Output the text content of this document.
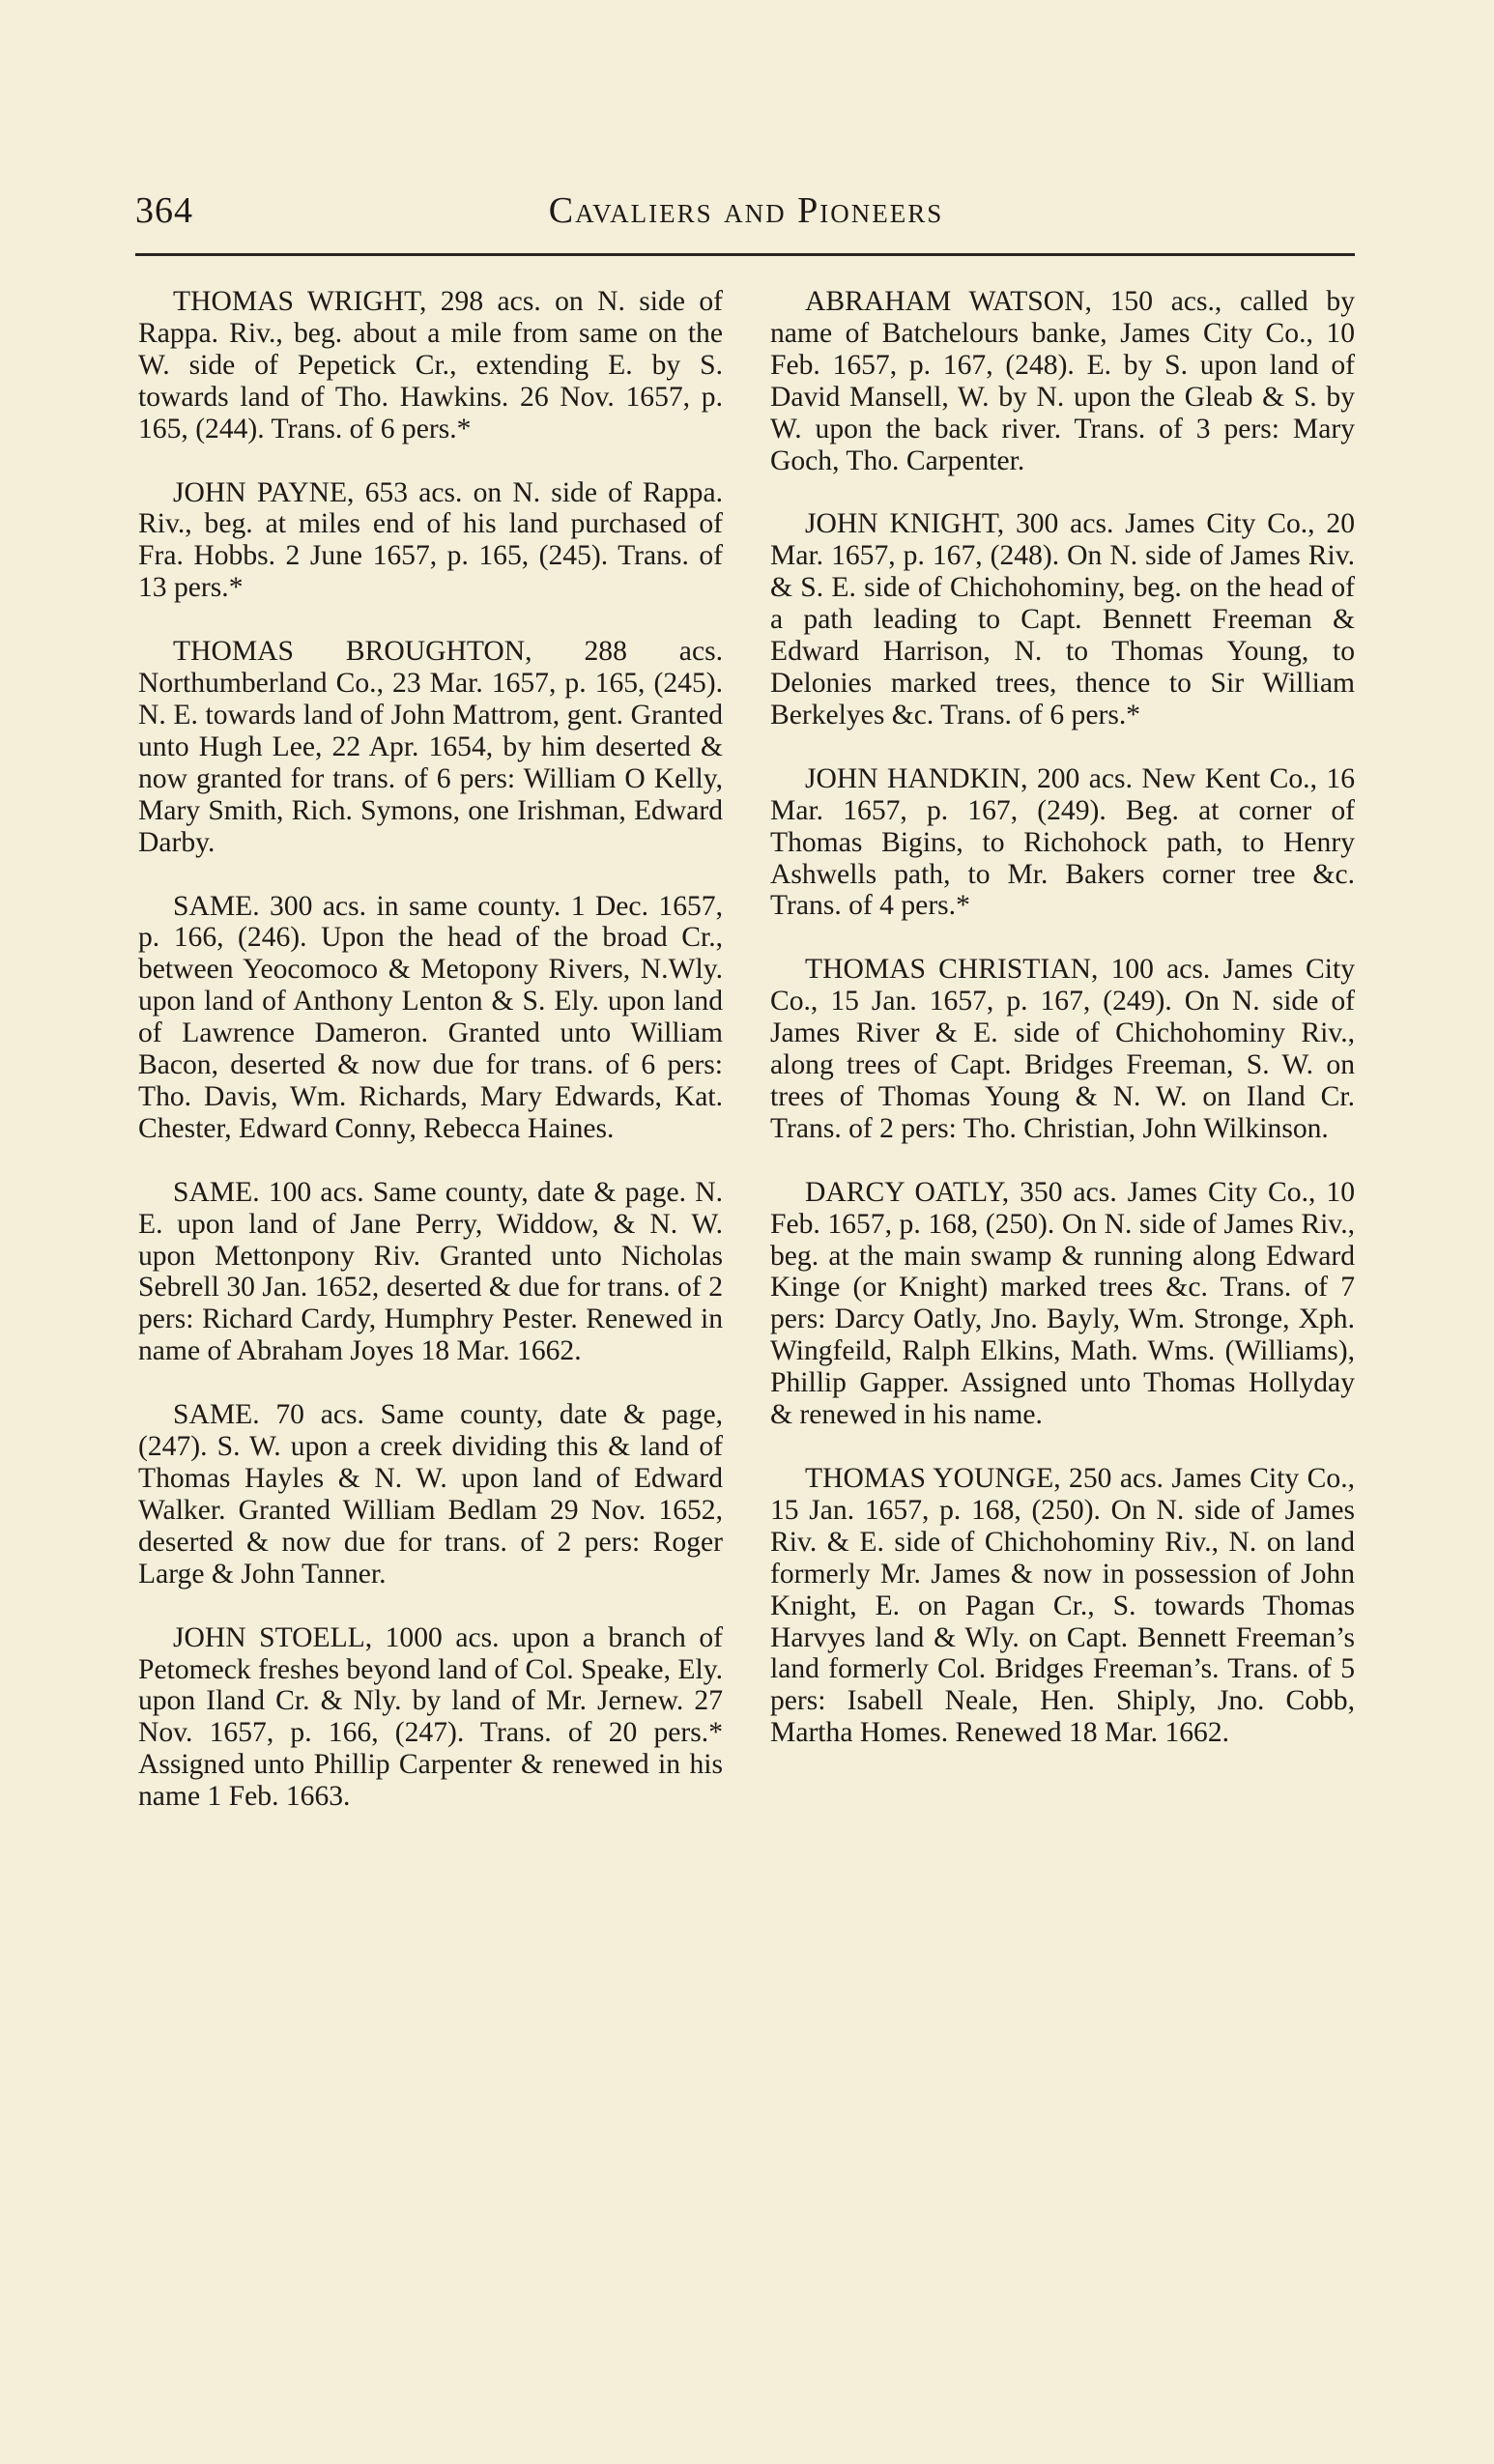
364	Cavaliers and Pioneers

THOMAS WRIGHT, 298 acs. on N. side of Rappa. Riv., beg. about a mile from same on the W. side of Pepetick Cr., extending E. by S. towards land of Tho. Hawkins. 26 Nov. 1657, p. 165, (244). Trans. of 6 pers.*

JOHN PAYNE, 653 acs. on N. side of Rappa. Riv., beg. at miles end of his land purchased of Fra. Hobbs. 2 June 1657, p. 165, (245). Trans. of 13 pers.*

THOMAS BROUGHTON, 288 acs. Northumberland Co., 23 Mar. 1657, p. 165, (245). N. E. towards land of John Mattrom, gent. Granted unto Hugh Lee, 22 Apr. 1654, by him deserted & now granted for trans. of 6 pers: William O Kelly, Mary Smith, Rich. Symons, one Irishman, Edward Darby.

SAME. 300 acs. in same county. 1 Dec. 1657, p. 166, (246). Upon the head of the broad Cr., between Yeocomoco & Metopony Rivers, N.Wly. upon land of Anthony Lenton & S. Ely. upon land of Lawrence Dameron. Granted unto William Bacon, deserted & now due for trans. of 6 pers: Tho. Davis, Wm. Richards, Mary Edwards, Kat. Chester, Edward Conny, Rebecca Haines.

SAME. 100 acs. Same county, date & page. N. E. upon land of Jane Perry, Widdow, & N. W. upon Mettonpony Riv. Granted unto Nicholas Sebrell 30 Jan. 1652, deserted & due for trans. of 2 pers: Richard Cardy, Humphry Pester. Renewed in name of Abraham Joyes 18 Mar. 1662.

SAME. 70 acs. Same county, date & page, (247). S. W. upon a creek dividing this & land of Thomas Hayles & N. W. upon land of Edward Walker. Granted William Bedlam 29 Nov. 1652, deserted & now due for trans. of 2 pers: Roger Large & John Tanner.

JOHN STOELL, 1000 acs. upon a branch of Petomeck freshes beyond land of Col. Speake, Ely. upon Iland Cr. & Nly. by land of Mr. Jernew. 27 Nov. 1657, p. 166, (247). Trans. of 20 pers.* Assigned unto Phillip Carpenter & renewed in his name 1 Feb. 1663.

ABRAHAM WATSON, 150 acs., called by name of Batchelours banke, James City Co., 10 Feb. 1657, p. 167, (248). E. by S. upon land of David Mansell, W. by N. upon the Gleab & S. by W. upon the back river. Trans. of 3 pers: Mary Goch, Tho. Carpenter.

JOHN KNIGHT, 300 acs. James City Co., 20 Mar. 1657, p. 167, (248). On N. side of James Riv. & S. E. side of Chichohominy, beg. on the head of a path leading to Capt. Bennett Freeman & Edward Harrison, N. to Thomas Young, to Delonies marked trees, thence to Sir William Berkelyes &c. Trans. of 6 pers.*

JOHN HANDKIN, 200 acs. New Kent Co., 16 Mar. 1657, p. 167, (249). Beg. at corner of Thomas Bigins, to Richohock path, to Henry Ashwells path, to Mr. Bakers corner tree &c. Trans. of 4 pers.*

THOMAS CHRISTIAN, 100 acs. James City Co., 15 Jan. 1657, p. 167, (249). On N. side of James River & E. side of Chichohominy Riv., along trees of Capt. Bridges Freeman, S. W. on trees of Thomas Young & N. W. on Iland Cr. Trans. of 2 pers: Tho. Christian, John Wilkinson.

DARCY OATLY, 350 acs. James City Co., 10 Feb. 1657, p. 168, (250). On N. side of James Riv., beg. at the main swamp & running along Edward Kinge (or Knight) marked trees &c. Trans. of 7 pers: Darcy Oatly, Jno. Bayly, Wm. Stronge, Xph. Wingfeild, Ralph Elkins, Math. Wms. (Williams), Phillip Gapper. Assigned unto Thomas Hollyday & renewed in his name.

THOMAS YOUNGE, 250 acs. James City Co., 15 Jan. 1657, p. 168, (250). On N. side of James Riv. & E. side of Chichohominy Riv., N. on land formerly Mr. James & now in possession of John Knight, E. on Pagan Cr., S. towards Thomas Harvyes land & Wly. on Capt. Bennett Freeman’s land formerly Col. Bridges Freeman’s. Trans. of 5 pers: Isabell Neale, Hen. Shiply, Jno. Cobb, Martha Homes. Renewed 18 Mar. 1662.
